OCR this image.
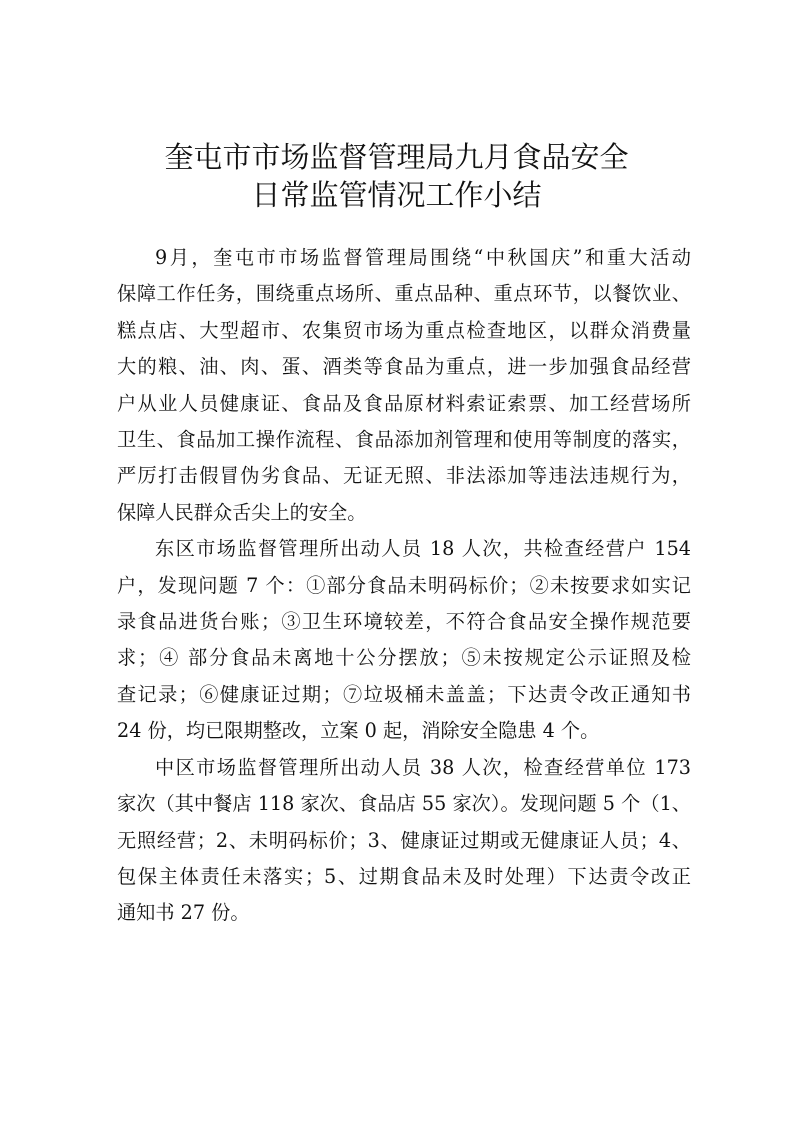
奎屯市市场监督管理局九月食品安全
日常监管情况工作小结
9月，奎屯市市场监督管理局围绕“中秋国庆”和重大活动
保障工作任务，围绕重点场所、重点品种、重点环节，以餐饮业、
糕点店、大型超市、农集贸市场为重点检查地区，以群众消费量
大的粮、油、肉、蛋、酒类等食品为重点，进一步加强食品经营
户从业人员健康证、食品及食品原材料索证索票、加工经营场所
卫生、食品加工操作流程、食品添加剂管理和使用等制度的落实，
严厉打击假冒伪劣食品、无证无照、非法添加等违法违规行为，
保障人民群众舌尖上的安全。
东区市场监督管理所出动人员 18 人次，共检查经营户 154
户，发现问题 7 个：①部分食品未明码标价；②未按要求如实记
录食品进货台账；③卫生环境较差，不符合食品安全操作规范要
求；④ 部分食品未离地十公分摆放；⑤未按规定公示证照及检
查记录；⑥健康证过期；⑦垃圾桶未盖盖；下达责令改正通知书
24 份，均已限期整改，立案 0 起，消除安全隐患 4 个。
中区市场监督管理所出动人员 38 人次，检查经营单位 173
家次（其中餐店 118 家次、食品店 55 家次）。发现问题 5 个（1、
无照经营；2、未明码标价；3、健康证过期或无健康证人员；4、
包保主体责任未落实；5、过期食品未及时处理）下达责令改正
通知书 27 份。
